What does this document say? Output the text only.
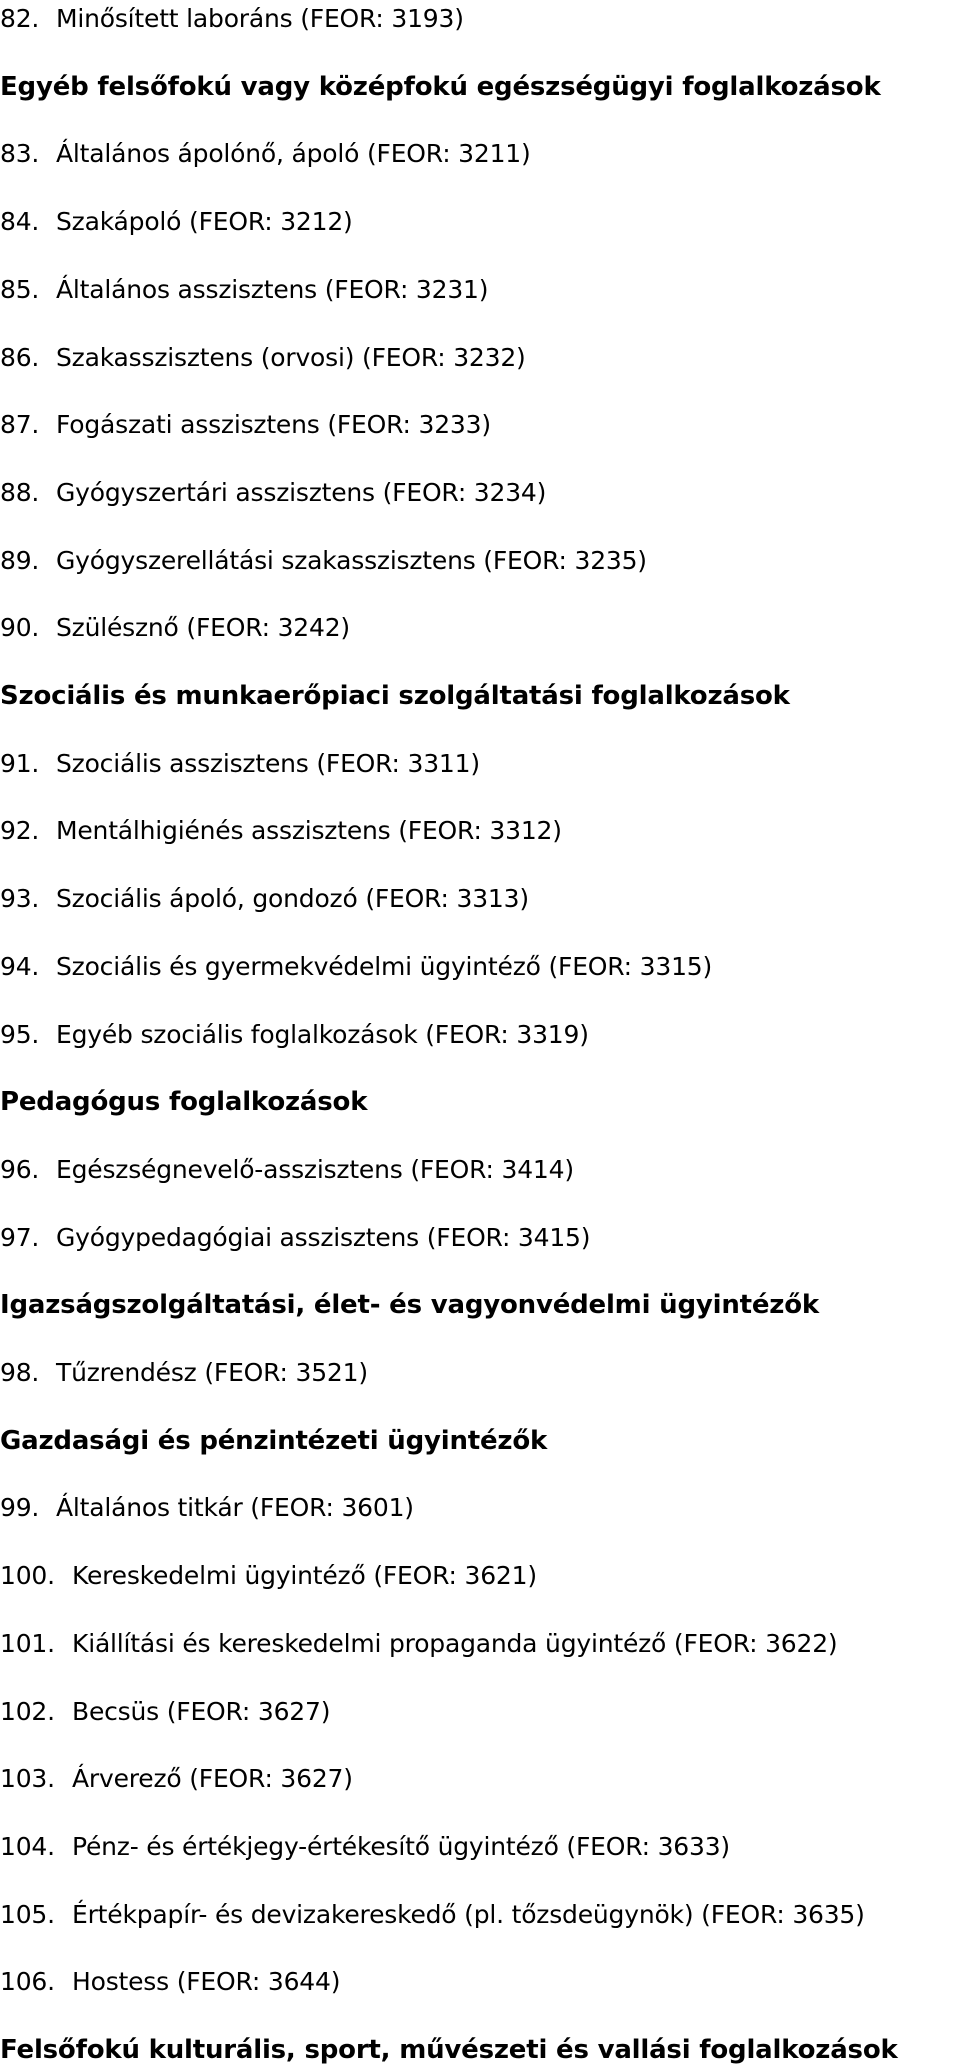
82. Minősített laboráns (FEOR: 3193)
Egyéb felsőfokú vagy középfokú egészségügyi foglalkozások
83. Általános ápolónő, ápoló (FEOR: 3211)
84. Szakápoló (FEOR: 3212)
85. Általános asszisztens (FEOR: 3231)
86. Szakasszisztens (orvosi) (FEOR: 3232)
87. Fogászati asszisztens (FEOR: 3233)
88. Gyógyszertári asszisztens (FEOR: 3234)
89. Gyógyszerellátási szakasszisztens (FEOR: 3235)
90. Szülésznő (FEOR: 3242)
Szociális és munkaerőpiaci szolgáltatási foglalkozások
91. Szociális asszisztens (FEOR: 3311)
92. Mentálhigiénés asszisztens (FEOR: 3312)
93. Szociális ápoló, gondozó (FEOR: 3313)
94. Szociális és gyermekvédelmi ügyintéző (FEOR: 3315)
95. Egyéb szociális foglalkozások (FEOR: 3319)
Pedagógus foglalkozások
96. Egészségnevelő-asszisztens (FEOR: 3414)
97. Gyógypedagógiai asszisztens (FEOR: 3415)
Igazságszolgáltatási, élet- és vagyonvédelmi ügyintézők
98. Tűzrendész (FEOR: 3521)
Gazdasági és pénzintézeti ügyintézők
99. Általános titkár (FEOR: 3601)
100. Kereskedelmi ügyintéző (FEOR: 3621)
101. Kiállítási és kereskedelmi propaganda ügyintéző (FEOR: 3622)
102. Becsüs (FEOR: 3627)
103. Árverező (FEOR: 3627)
104. Pénz- és értékjegy-értékesítő ügyintéző (FEOR: 3633)
105. Értékpapír- és devizakereskedő (pl. tőzsdeügynök) (FEOR: 3635)
106. Hostess (FEOR: 3644)
Felsőfokú kulturális, sport, művészeti és vallási foglalkozások
